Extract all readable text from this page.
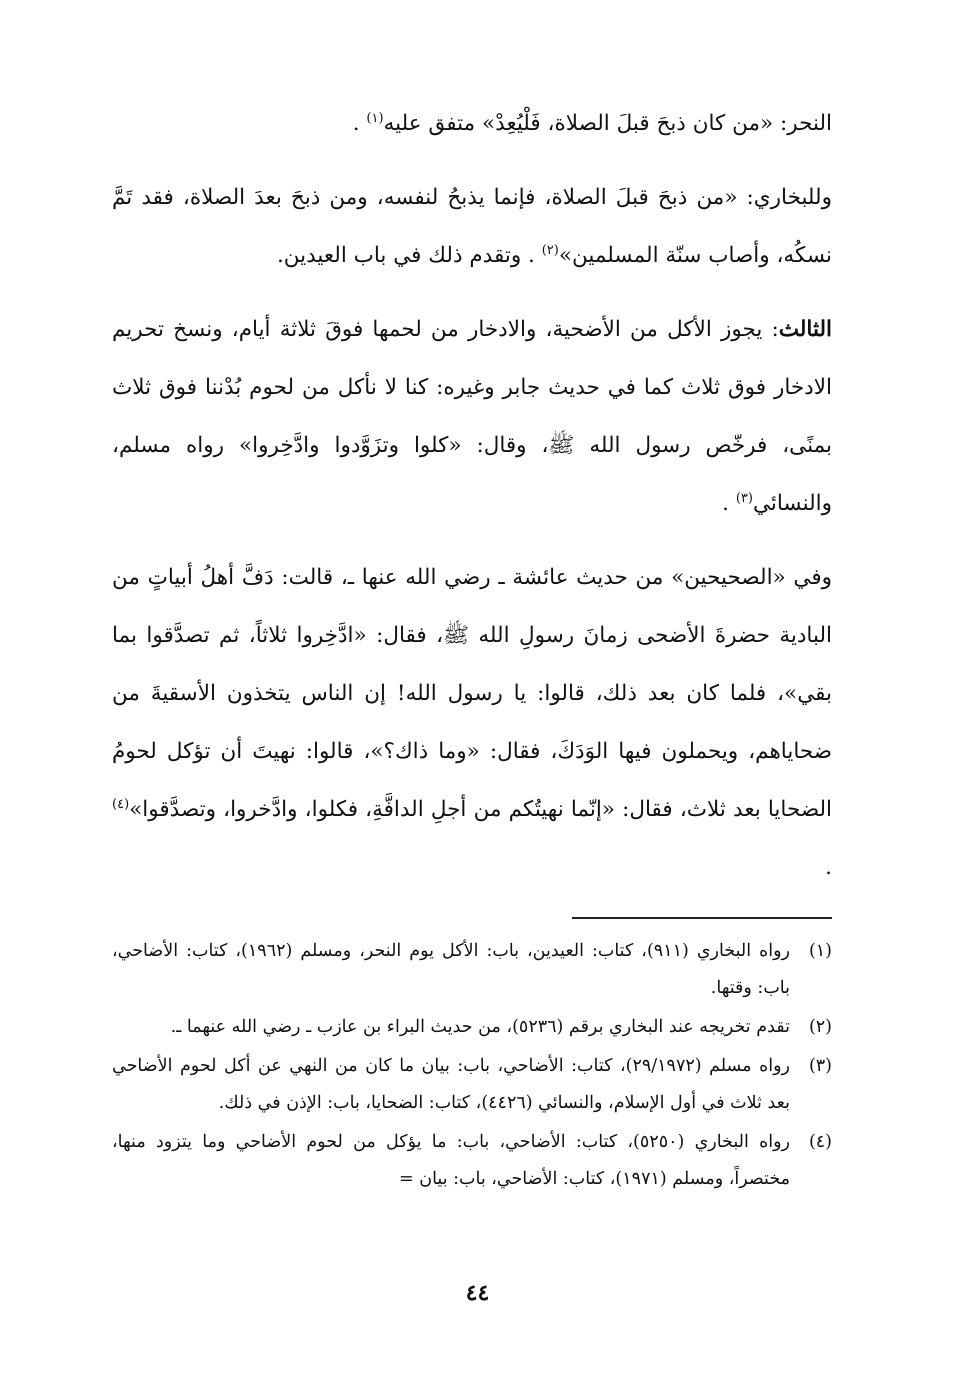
النحر: «من كان ذبحَ قبلَ الصلاة، فَلْيُعِدْ» متفق عليه$^{(١)}$ .

وللبخاري: «من ذبحَ قبلَ الصلاة، فإنما يذبحُ لنفسه، ومن ذبحَ بعدَ الصلاة، فقد تَمَّ نسكُه، وأصاب سنّة المسلمين»$^{(٢)}$ . وتقدم ذلك في باب العيدين.

الثالث: يجوز الأكل من الأضحية، والادخار من لحمها فوقَ ثلاثة أيام، ونسخ تحريم الادخار فوق ثلاث كما في حديث جابر وغيره: كنا لا نأكل من لحوم بُدْننا فوق ثلاث بمنًى، فرخّص رسول الله ﷺ، وقال: «كلوا وتزَوَّدوا وادَّخِروا» رواه مسلم، والنسائي$^{(٣)}$ .

وفي «الصحيحين» من حديث عائشة ـ رضي الله عنها ـ، قالت: دَفَّ أهلُ أبياتٍ من البادية حضرةَ الأضحى زمانَ رسولِ الله ﷺ، فقال: «ادَّخِروا ثلاثاً، ثم تصدَّقوا بما بقي»، فلما كان بعد ذلك، قالوا: يا رسول الله! إن الناس يتخذون الأسقيةَ من ضحاياهم، ويحملون فيها الوَدَكَ، فقال: «وما ذاك؟»، قالوا: نهيتَ أن تؤكل لحومُ الضحايا بعد ثلاث، فقال: «إنّما نهيتُكم من أجلِ الدافَّةِ، فكلوا، وادَّخروا، وتصدَّقوا»$^{(٤)}$ .

(١)
رواه البخاري (٩١١)، كتاب: العيدين، باب: الأكل يوم النحر، ومسلم (١٩٦٢)، كتاب: الأضاحي، باب: وقتها.
(٢)
تقدم تخريجه عند البخاري برقم (٥٢٣٦)، من حديث البراء بن عازب ـ رضي الله عنهما ـ.
(٣)
رواه مسلم (٢٩/١٩٧٢)، كتاب: الأضاحي، باب: بيان ما كان من النهي عن أكل لحوم الأضاحي بعد ثلاث في أول الإسلام، والنسائي (٤٤٢٦)، كتاب: الضحايا، باب: الإذن في ذلك.
(٤)
رواه البخاري (٥٢٥٠)، كتاب: الأضاحي، باب: ما يؤكل من لحوم الأضاحي وما يتزود منها، مختصراً، ومسلم (١٩٧١)، كتاب: الأضاحي، باب: بيان =
٤٤
